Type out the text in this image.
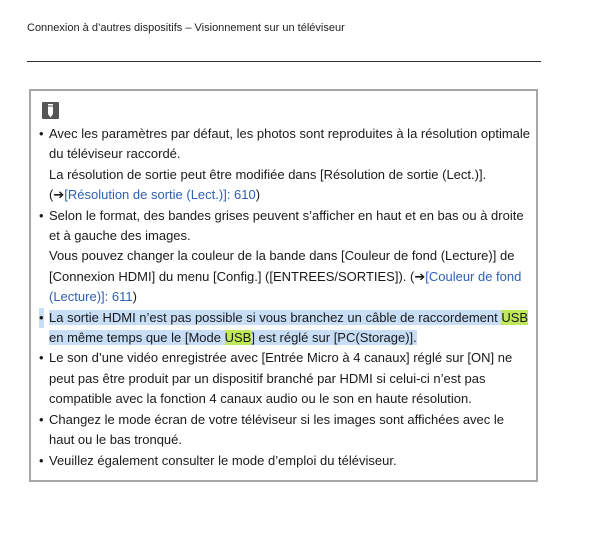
Connexion à d’autres dispositifs – Visionnement sur un téléviseur
• Avec les paramètres par défaut, les photos sont reproduites à la résolution optimale du téléviseur raccordé.
La résolution de sortie peut être modifiée dans [Résolution de sortie (Lect.)].
(➔[Résolution de sortie (Lect.)]: 610)
• Selon le format, des bandes grises peuvent s’afficher en haut et en bas ou à droite et à gauche des images.
Vous pouvez changer la couleur de la bande dans [Couleur de fond (Lecture)] de [Connexion HDMI] du menu [Config.] ([ENTREES/SORTIES]). (➔[Couleur de fond (Lecture)]: 611)
• La sortie HDMI n’est pas possible si vous branchez un câble de raccordement USB en même temps que le [Mode USB] est réglé sur [PC(Storage)].
• Le son d’une vidéo enregistrée avec [Entrée Micro à 4 canaux] réglé sur [ON] ne peut pas être produit par un dispositif branché par HDMI si celui-ci n’est pas compatible avec la fonction 4 canaux audio ou le son en haute résolution.
• Changez le mode écran de votre téléviseur si les images sont affichées avec le haut ou le bas tronqué.
• Veuillez également consulter le mode d’emploi du téléviseur.
